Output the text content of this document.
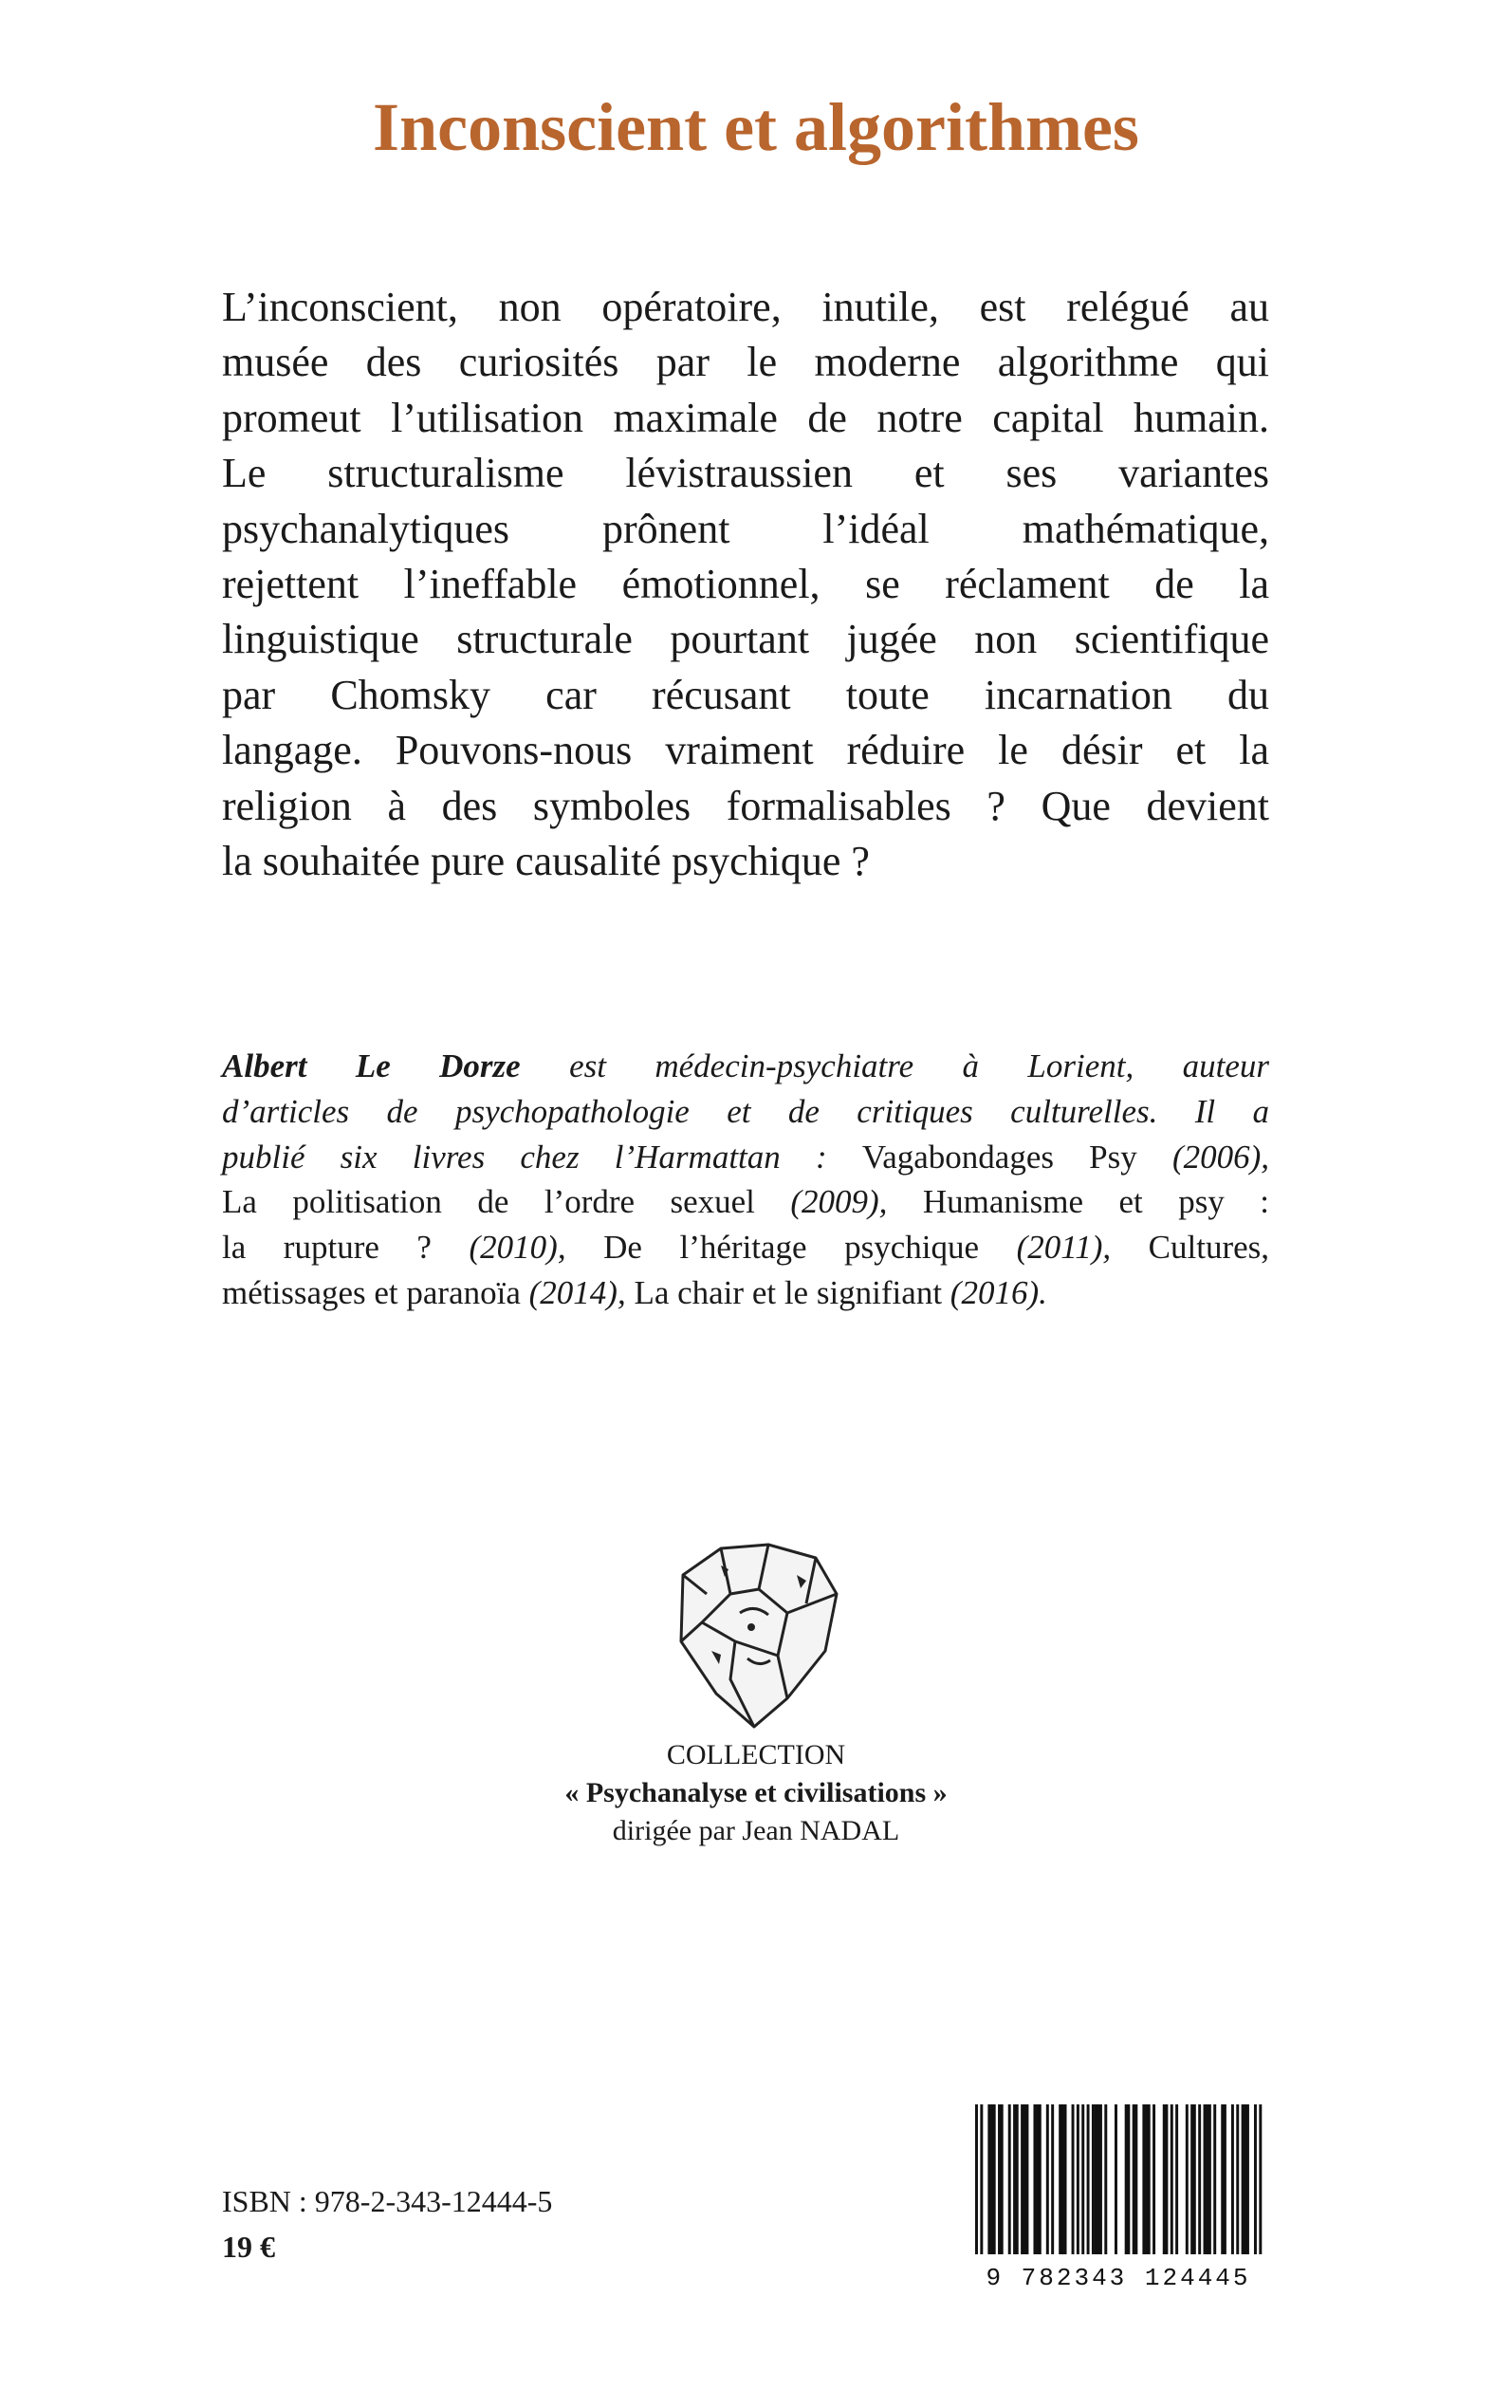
Inconscient et algorithmes
L’inconscient, non opératoire, inutile, est relégué au
musée des curiosités par le moderne algorithme qui
promeut l’utilisation maximale de notre capital humain.
Le structuralisme lévistraussien et ses variantes
psychanalytiques prônent l’idéal mathématique,
rejettent l’ineffable émotionnel, se réclament de la
linguistique structurale pourtant jugée non scientifique
par Chomsky car récusant toute incarnation du
langage. Pouvons-nous vraiment réduire le désir et la
religion à des symboles formalisables ? Que devient
la souhaitée pure causalité psychique ?
Albert Le Dorze est médecin-psychiatre à Lorient, auteur
d’articles de psychopathologie et de critiques culturelles. Il a
publié six livres chez l’Harmattan : Vagabondages Psy (2006),
La politisation de l’ordre sexuel (2009), Humanisme et psy :
la rupture ? (2010), De l’héritage psychique (2011), Cultures,
métissages et paranoïa (2014), La chair et le signifiant (2016).
COLLECTION
« Psychanalyse et civilisations »
dirigée par Jean NADAL
ISBN : 978-2-343-12444-5
19 €
9 782343 124445
